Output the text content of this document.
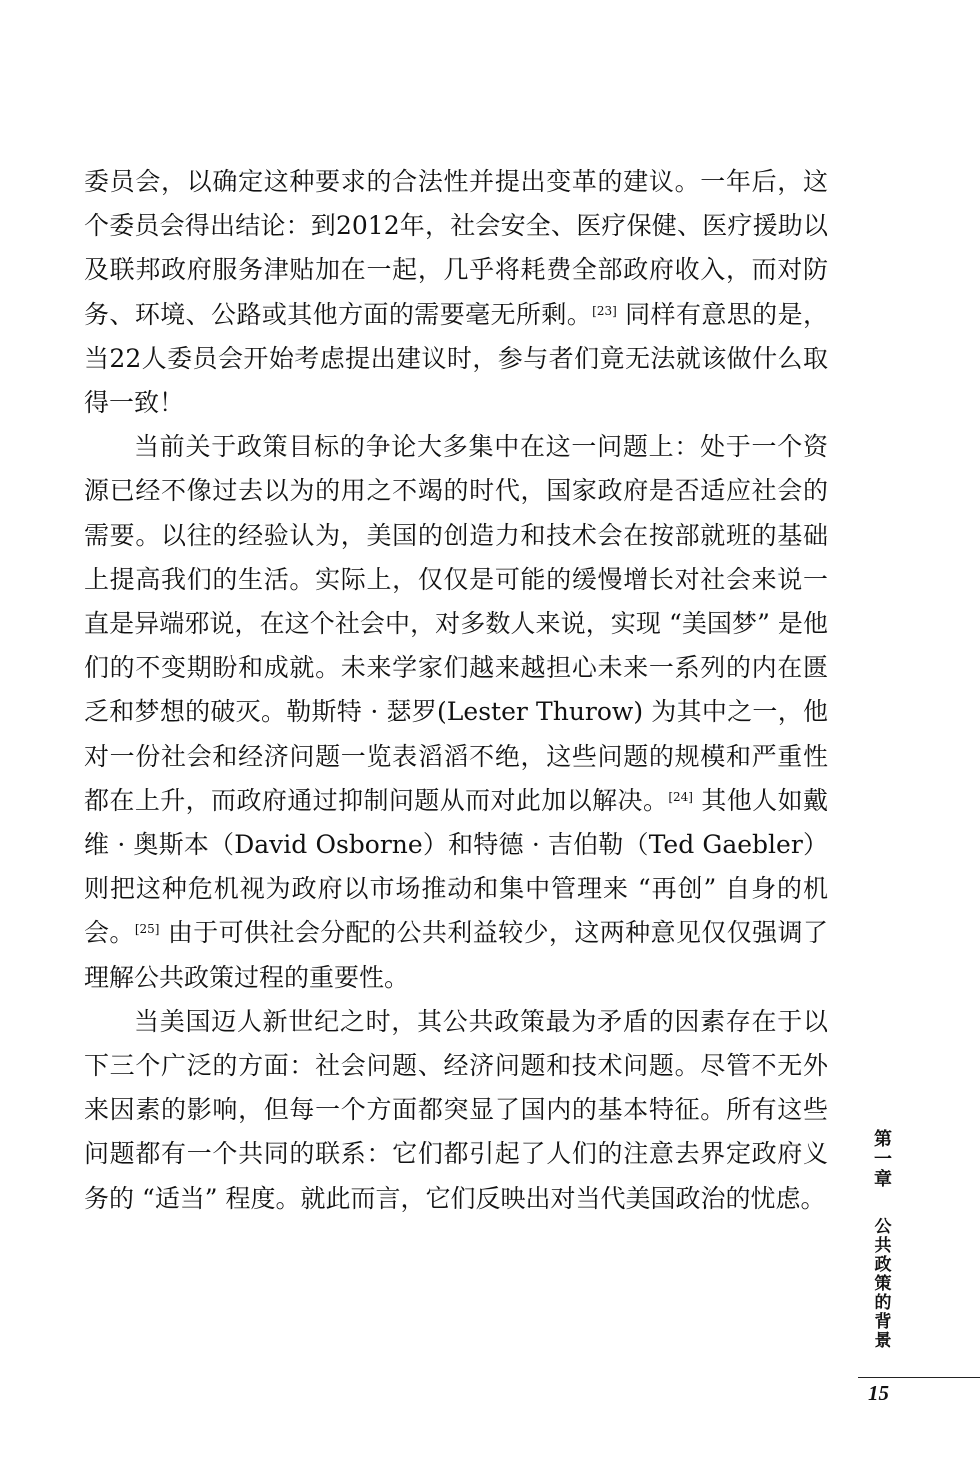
委员会，以确定这种要求的合法性并提出变革的建议。一年后，这个委员会得出结论：到2012年，社会安全、医疗保健、医疗援助以及联邦政府服务津贴加在一起，几乎将耗费全部政府收入，而对防务、环境、公路或其他方面的需要毫无所剩。[23] 同样有意思的是，当22人委员会开始考虑提出建议时，参与者们竟无法就该做什么取得一致！

当前关于政策目标的争论大多集中在这一问题上：处于一个资源已经不像过去以为的用之不竭的时代，国家政府是否适应社会的需要。以往的经验认为，美国的创造力和技术会在按部就班的基础上提高我们的生活。实际上，仅仅是可能的缓慢增长对社会来说一直是异端邪说，在这个社会中，对多数人来说，实现 “美国梦” 是他们的不变期盼和成就。未来学家们越来越担心未来一系列的内在匮乏和梦想的破灭。勒斯特 · 瑟罗(Lester Thurow) 为其中之一，他对一份社会和经济问题一览表滔滔不绝，这些问题的规模和严重性都在上升，而政府通过抑制问题从而对此加以解决。[24] 其他人如戴维 · 奥斯本（David Osborne）和特德 · 吉伯勒（Ted Gaebler）则把这种危机视为政府以市场推动和集中管理来 “再创” 自身的机会。[25] 由于可供社会分配的公共利益较少，这两种意见仅仅强调了理解公共政策过程的重要性。

当美国迈人新世纪之时，其公共政策最为矛盾的因素存在于以下三个广泛的方面：社会问题、经济问题和技术问题。尽管不无外来因素的影响，但每一个方面都突显了国内的基本特征。所有这些问题都有一个共同的联系：它们都引起了人们的注意去界定政府义务的 “适当” 程度。就此而言，它们反映出对当代美国政治的忧虑。

第
一
章
公
共
政
策
的
背
景
15
